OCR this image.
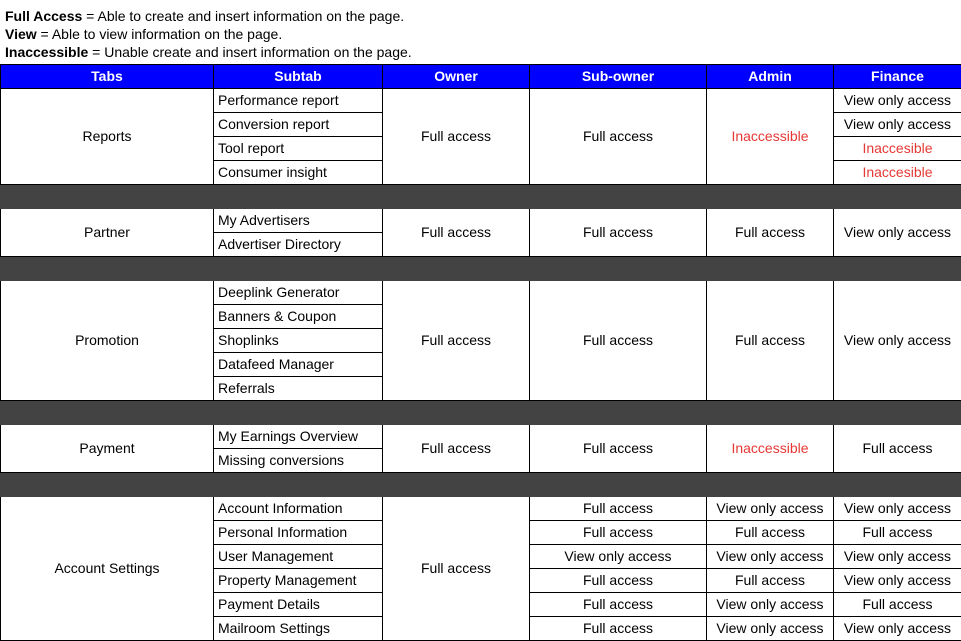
Full Access = Able to create and insert information on the page.
View = Able to view information on the page.
Inaccessible = Unable create and insert information on the page.
Tabs	Subtab	Owner	Sub-owner	Admin	Finance
Reports	Performance report	Full access	Full access	Inaccessible	View only access
	Conversion report				View only access
	Tool report				Inaccesible
	Consumer insight				Inaccesible

Partner	My Advertisers	Full access	Full access	Full access	View only access
	Advertiser Directory				

Promotion	Deeplink Generator	Full access	Full access	Full access	View only access
	Banners & Coupon				
	Shoplinks				
	Datafeed Manager				
	Referrals				

Payment	My Earnings Overview	Full access	Full access	Inaccessible	Full access
	Missing conversions				

Account Settings	Account Information	Full access	Full access	View only access	View only access
	Personal Information		Full access	Full access	Full access
	User Management		View only access	View only access	View only access
	Property Management		Full access	Full access	View only access
	Payment Details		Full access	View only access	Full access
	Mailroom Settings		Full access	View only access	View only access
